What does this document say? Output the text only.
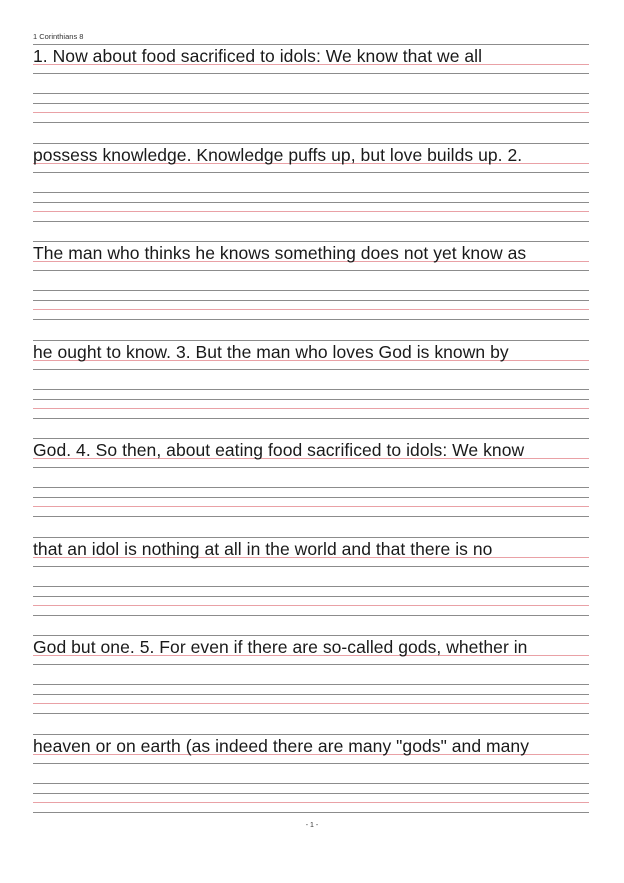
1 Corinthians 8
1. Now about food sacrificed to idols: We know that we all
possess knowledge. Knowledge puffs up, but love builds up. 2.
The man who thinks he knows something does not yet know as
he ought to know. 3. But the man who loves God is known by
God. 4. So then, about eating food sacrificed to idols: We know
that an idol is nothing at all in the world and that there is no
God but one. 5. For even if there are so-called gods, whether in
heaven or on earth (as indeed there are many "gods" and many
- 1 -
